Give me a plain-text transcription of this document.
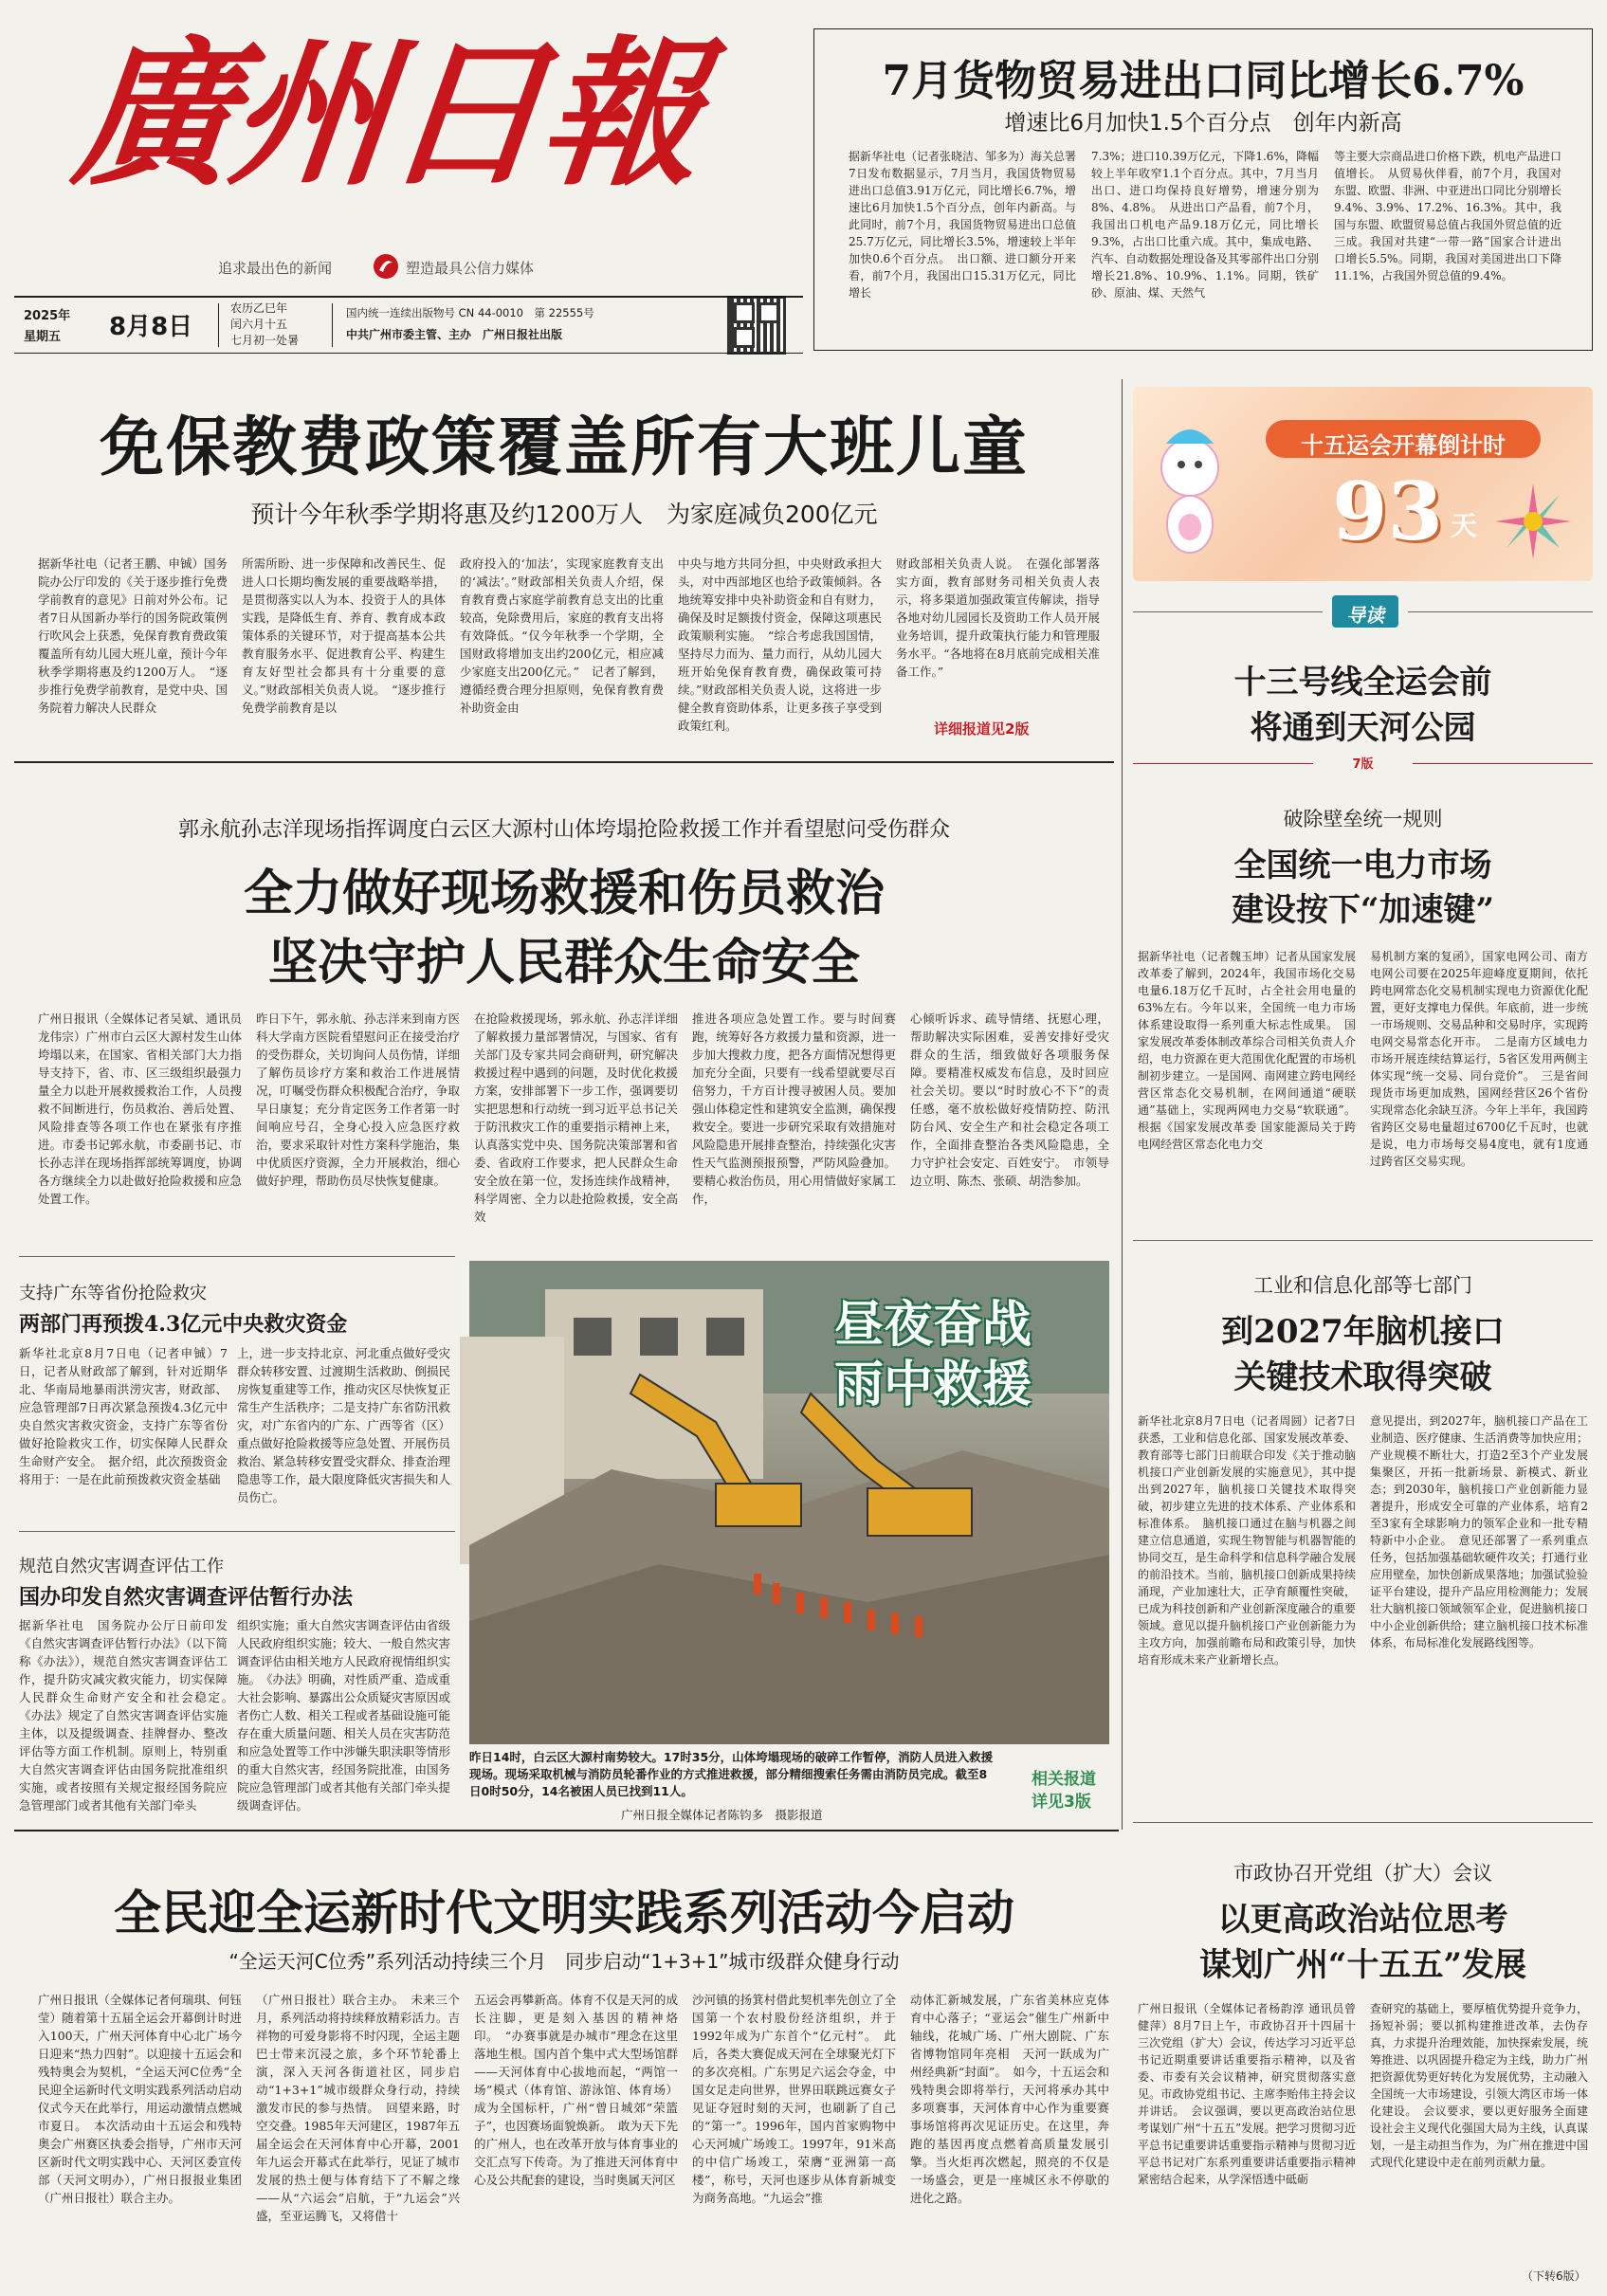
廣州日報
追求最出色的新闻	塑造最具公信力媒体
2025年
星期五 8月8日
农历乙巳年
闰六月十五
七月初一处暑
国内统一连续出版物号 CN 44-0010　第 22555号
中共广州市委主管、主办　广州日报社出版
7月货物贸易进出口同比增长6.7%
增速比6月加快1.5个百分点　创年内新高
据新华社电（记者张晓洁、邹多为）海关总署7日发布数据显示，7月当月，我国货物贸易进出口总值3.91万亿元，同比增长6.7%，增速比6月加快1.5个百分点，创年内新高。与此同时，前7个月，我国货物贸易进出口总值25.7万亿元，同比增长3.5%，增速较上半年加快0.6个百分点。　出口额、进口额分开来看，前7个月，我国出口15.31万亿元，同比增长
7.3%；进口10.39万亿元，下降1.6%，降幅较上半年收窄1.1个百分点。其中，7月当月出口、进口均保持良好增势，增速分别为8%、4.8%。　从进出口产品看，前7个月，我国出口机电产品9.18万亿元，同比增长9.3%，占出口比重六成。其中，集成电路、汽车、自动数据处理设备及其零部件出口分别增长21.8%、10.9%、1.1%。同期，铁矿砂、原油、煤、天然气
等主要大宗商品进口价格下跌，机电产品进口值增长。　从贸易伙伴看，前7个月，我国对东盟、欧盟、非洲、中亚进出口同比分别增长9.4%、3.9%、17.2%、16.3%。其中，我国与东盟、欧盟贸易总值占我国外贸总值的近三成。我国对共建“一带一路”国家合计进出口增长5.5%。同期，我国对美国进出口下降11.1%，占我国外贸总值的9.4%。
免保教费政策覆盖所有大班儿童
预计今年秋季学期将惠及约1200万人　为家庭减负200亿元
据新华社电（记者王鹏、申铖）国务院办公厅印发的《关于逐步推行免费学前教育的意见》日前对外公布。记者7日从国新办举行的国务院政策例行吹风会上获悉，免保育教育费政策覆盖所有幼儿园大班儿童，预计今年秋季学期将惠及约1200万人。　“逐步推行免费学前教育，是党中央、国务院着力解决人民群众
所需所盼、进一步保障和改善民生、促进人口长期均衡发展的重要战略举措，是贯彻落实以人为本、投资于人的具体实践，是降低生育、养育、教育成本政策体系的关键环节，对于提高基本公共教育服务水平、促进教育公平、构建生育友好型社会都具有十分重要的意义。”财政部相关负责人说。　“逐步推行免费学前教育是以
政府投入的‘加法’，实现家庭教育支出的‘减法’。”财政部相关负责人介绍，保育教育费占家庭学前教育总支出的比重较高，免除费用后，家庭的教育支出将有效降低。“仅今年秋季一个学期，全国财政将增加支出约200亿元，相应减少家庭支出200亿元。”　记者了解到，遵循经费合理分担原则，免保育教育费补助资金由
中央与地方共同分担，中央财政承担大头，对中西部地区也给予政策倾斜。各地统筹安排中央补助资金和自有财力，确保及时足额拨付资金，保障这项惠民政策顺利实施。　“综合考虑我国国情，坚持尽力而为、量力而行，从幼儿园大班开始免保育教育费，确保政策可持续。”财政部相关负责人说，这将进一步健全教育资助体系，让更多孩子享受到政策红利。
财政部相关负责人说。　在强化部署落实方面，教育部财务司相关负责人表示，将多渠道加强政策宣传解读，指导各地对幼儿园园长及资助工作人员开展业务培训，提升政策执行能力和管理服务水平。“各地将在8月底前完成相关准备工作。”
详细报道见2版
十五运会开幕倒计时
93 天
导读
十三号线全运会前
将通到天河公园
7版
郭永航孙志洋现场指挥调度白云区大源村山体垮塌抢险救援工作并看望慰问受伤群众
全力做好现场救援和伤员救治
坚决守护人民群众生命安全
广州日报讯（全媒体记者吴斌、通讯员龙伟宗）广州市白云区大源村发生山体垮塌以来，在国家、省相关部门大力指导支持下，省、市、区三级组织最强力量全力以赴开展救援救治工作，人员搜救不间断进行，伤员救治、善后处置、风险排查等各项工作也在紧张有序推进。市委书记郭永航，市委副书记、市长孙志洋在现场指挥部统筹调度，协调各方继续全力以赴做好抢险救援和应急处置工作。
昨日下午，郭永航、孙志洋来到南方医科大学南方医院看望慰问正在接受治疗的受伤群众，关切询问人员伤情，详细了解伤员诊疗方案和救治工作进展情况，叮嘱受伤群众积极配合治疗，争取早日康复；充分肯定医务工作者第一时间响应号召，全身心投入应急医疗救治，要求采取针对性方案科学施治，集中优质医疗资源，全力开展救治，细心做好护理，帮助伤员尽快恢复健康。
在抢险救援现场，郭永航、孙志洋详细了解救援力量部署情况，与国家、省有关部门及专家共同会商研判，研究解决救援过程中遇到的问题，及时优化救援方案，安排部署下一步工作，强调要切实把思想和行动统一到习近平总书记关于防汛救灾工作的重要指示精神上来，认真落实党中央、国务院决策部署和省委、省政府工作要求，把人民群众生命安全放在第一位，发扬连续作战精神，科学周密、全力以赴抢险救援，安全高效
推进各项应急处置工作。要与时间赛跑，统筹好各方救援力量和资源，进一步加大搜救力度，把各方面情况想得更加充分全面，只要有一线希望就要尽百倍努力，千方百计搜寻被困人员。要加强山体稳定性和建筑安全监测，确保搜救安全。要进一步研究采取有效措施对风险隐患开展排查整治，持续强化灾害性天气监测预报预警，严防风险叠加。要精心救治伤员，用心用情做好家属工作，
心倾听诉求、疏导情绪、抚慰心理，帮助解决实际困难，妥善安排好受灾群众的生活，细致做好各项服务保障。要精准权威发布信息，及时回应社会关切。要以“时时放心不下”的责任感，毫不放松做好疫情防控、防汛防台风、安全生产和社会稳定各项工作，全面排查整治各类风险隐患，全力守护社会安定、百姓安宁。　市领导边立明、陈杰、张硕、胡浩参加。
支持广东等省份抢险救灾
两部门再预拨4.3亿元中央救灾资金
新华社北京8月7日电（记者申铖）7日，记者从财政部了解到，针对近期华北、华南局地暴雨洪涝灾害，财政部、应急管理部7日再次紧急预拨4.3亿元中央自然灾害救灾资金，支持广东等省份做好抢险救灾工作，切实保障人民群众生命财产安全。　据介绍，此次预拨资金将用于：一是在此前预拨救灾资金基础
上，进一步支持北京、河北重点做好受灾群众转移安置、过渡期生活救助、倒损民房恢复重建等工作，推动灾区尽快恢复正常生产生活秩序；二是支持广东省防汛救灾，对广东省内的广东、广西等省（区）重点做好抢险救援等应急处置、开展伤员救治、紧急转移安置受灾群众、排查治理隐患等工作，最大限度降低灾害损失和人员伤亡。
规范自然灾害调查评估工作
国办印发自然灾害调查评估暂行办法
据新华社电　国务院办公厅日前印发《自然灾害调查评估暂行办法》（以下简称《办法》），规范自然灾害调查评估工作，提升防灾减灾救灾能力，切实保障人民群众生命财产安全和社会稳定。　《办法》规定了自然灾害调查评估实施主体，以及提级调查、挂牌督办、整改评估等方面工作机制。原则上，特别重大自然灾害调查评估由国务院批准组织实施，或者按照有关规定报经国务院应急管理部门或者其他有关部门牵头
组织实施；重大自然灾害调查评估由省级人民政府组织实施；较大、一般自然灾害调查评估由相关地方人民政府视情组织实施。　《办法》明确，对性质严重、造成重大社会影响、暴露出公众质疑灾害原因或者伤亡人数、相关工程或者基础设施可能存在重大质量问题、相关人员在灾害防范和应急处置等工作中涉嫌失职渎职等情形的重大自然灾害，经国务院批准，由国务院应急管理部门或者其他有关部门牵头提级调查评估。
昼夜奋战
雨中救援
昨日14时，白云区大源村南势较大。17时35分，山体垮塌现场的破碎工作暂停，消防人员进入救援现场。现场采取机械与消防员轮番作业的方式推进救援，部分精细搜索任务需由消防员完成。截至8日0时50分，14名被困人员已找到11人。
广州日报全媒体记者陈钧多　摄影报道
相关报道
详见3版
破除壁垒统一规则
全国统一电力市场
建设按下“加速键”
据新华社电（记者魏玉坤）记者从国家发展改革委了解到，2024年，我国市场化交易电量6.18万亿千瓦时，占全社会用电量的63%左右。今年以来，全国统一电力市场体系建设取得一系列重大标志性成果。　国家发展改革委体制改革综合司相关负责人介绍，电力资源在更大范围优化配置的市场机制初步建立。一是国网、南网建立跨电网经营区常态化交易机制，在网间通道“硬联通”基础上，实现两网电力交易“软联通”。根据《国家发展改革委 国家能源局关于跨电网经营区常态化电力交
易机制方案的复函》，国家电网公司、南方电网公司要在2025年迎峰度夏期间，依托跨电网常态化交易机制实现电力资源优化配置，更好支撑电力保供。年底前，进一步统一市场规则、交易品种和交易时序，实现跨电网交易常态化开市。　二是南方区域电力市场开展连续结算运行，5省区发用两侧主体实现“统一交易、同台竞价”。　三是省间现货市场更加成熟，国网经营区26个省份实现常态化余缺互济。今年上半年，我国跨省跨区交易电量超过6700亿千瓦时，也就是说，电力市场每交易4度电，就有1度通过跨省区交易实现。
工业和信息化部等七部门
到2027年脑机接口
关键技术取得突破
新华社北京8月7日电（记者周圆）记者7日获悉，工业和信息化部、国家发展改革委、教育部等七部门日前联合印发《关于推动脑机接口产业创新发展的实施意见》，其中提出到2027年，脑机接口关键技术取得突破，初步建立先进的技术体系、产业体系和标准体系。　脑机接口通过在脑与机器之间建立信息通道，实现生物智能与机器智能的协同交互，是生命科学和信息科学融合发展的前沿技术。当前，脑机接口创新成果持续涌现，产业加速壮大，正孕育颠覆性突破，已成为科技创新和产业创新深度融合的重要领域。意见以提升脑机接口产业创新能力为主攻方向，加强前瞻布局和政策引导，加快培育形成未来产业新增长点。
意见提出，到2027年，脑机接口产品在工业制造、医疗健康、生活消费等加快应用；产业规模不断壮大，打造2至3个产业发展集聚区，开拓一批新场景、新模式、新业态；到2030年，脑机接口产业创新能力显著提升，形成安全可靠的产业体系，培育2至3家有全球影响力的领军企业和一批专精特新中小企业。　意见还部署了一系列重点任务，包括加强基础软硬件攻关；打通行业应用壁垒，加快创新成果落地；加强试验验证平台建设，提升产品应用检测能力；发展壮大脑机接口领域领军企业，促进脑机接口中小企业创新供给；建立脑机接口技术标准体系，布局标准化发展路线图等。
市政协召开党组（扩大）会议
以更高政治站位思考
谋划广州“十五五”发展
广州日报讯（全媒体记者杨韵淳 通讯员曾健萍）8月7日上午，市政协召开十四届十三次党组（扩大）会议，传达学习习近平总书记近期重要讲话重要指示精神，以及省委、市委有关会议精神，研究贯彻落实意见。市政协党组书记、主席李贻伟主持会议并讲话。　会议强调，要以更高政治站位思考谋划广州“十五五”发展。把学习贯彻习近平总书记重要讲话重要指示精神与贯彻习近平总书记对广东系列重要讲话重要指示精神紧密结合起来，从学深悟透中砥砺
查研究的基础上，要厚植优势提升竞争力，扬短补弱；要以抓构建推进改革，去伪存真，力求提升治理效能，加快探索发展，统筹推进、以巩固提升稳定为主线，助力广州把资源优势更好转化为发展优势，主动融入全国统一大市场建设，引领大湾区市场一体化建设。　会议要求，要以更好服务全面建设社会主义现代化强国大局为主线，认真谋划，一是主动担当作为，为广州在推进中国式现代化建设中走在前列贡献力量。
（下转6版）
全民迎全运新时代文明实践系列活动今启动
“全运天河C位秀”系列活动持续三个月　同步启动“1+3+1”城市级群众健身行动
广州日报讯（全媒体记者何瑞琪、何钰莹）随着第十五届全运会开幕倒计时进入100天，广州天河体育中心北广场今日迎来“热力四射”。以迎接十五运会和残特奥会为契机，“全运天河C位秀”全民迎全运新时代文明实践系列活动启动仪式今天在此举行，用运动激情点燃城市夏日。　本次活动由十五运会和残特奥会广州赛区执委会指导，广州市天河区新时代文明实践中心、天河区委宣传部（天河文明办），广州日报报业集团（广州日报社）联合主办。
（广州日报社）联合主办。　未来三个月，系列活动将持续释放精彩活力。吉祥物的可爱身影将不时闪现，全运主题巴士带来沉浸之旅，多个环节轮番上演，深入天河各街道社区，同步启动“1+3+1”城市级群众身行动，持续激发市民的参与热情。　回望来路，时空交叠。1985年天河建区，1987年五届全运会在天河体育中心开幕，2001年九运会开幕式在此举行，见证了城市发展的热土便与体育结下了不解之缘——从“六运会”启航，于“九运会”兴盛，至亚运腾飞，又将借十
五运会再攀新高。体育不仅是天河的成长注脚，更是刻入基因的精神烙印。　“办赛事就是办城市”理念在这里落地生根。国内首个集中式大型场馆群——天河体育中心拔地而起，“两馆一场”模式（体育馆、游泳馆、体育场）成为全国标杆，广州“曾日城郊”荣篮子”，也因赛场面貌焕新。　敢为天下先的广州人，也在改革开放与体育事业的交汇点写下传奇。为了推进天河体育中心及公共配套的建设，当时奥属天河区
沙河镇的扬箕村借此契机率先创立了全国第一个农村股份经济组织，并于1992年成为广东首个“亿元村”。　此后，各类大赛促成天河在全球聚光灯下的多次亮相。广东男足六运会夺金，中国女足走向世界，世界田联跳远赛女子　见证夺冠时刻的天河，也刷新了自己的“第一”。1996年，国内首家购物中心天河城广场竣工。1997年，91米高的中信广场竣工，荣膺“亚洲第一高楼”，称号，天河也逐步从体育新城变为商务高地。“九运会”推
动体汇新城发展，广东省美林应克体育中心落子；“亚运会”催生广州新中轴线，花城广场、广州大剧院、广东省博物馆同年亮相　天河一跃成为广州经典新“封面”。　如今，十五运会和残特奥会即将举行，天河将承办其中多项赛事，天河体育中心作为重要赛事场馆将再次见证历史。在这里，奔跑的基因再度点燃着高质量发展引擎。当火炬再次燃起，照亮的不仅是一场盛会，更是一座城区永不停歇的进化之路。
